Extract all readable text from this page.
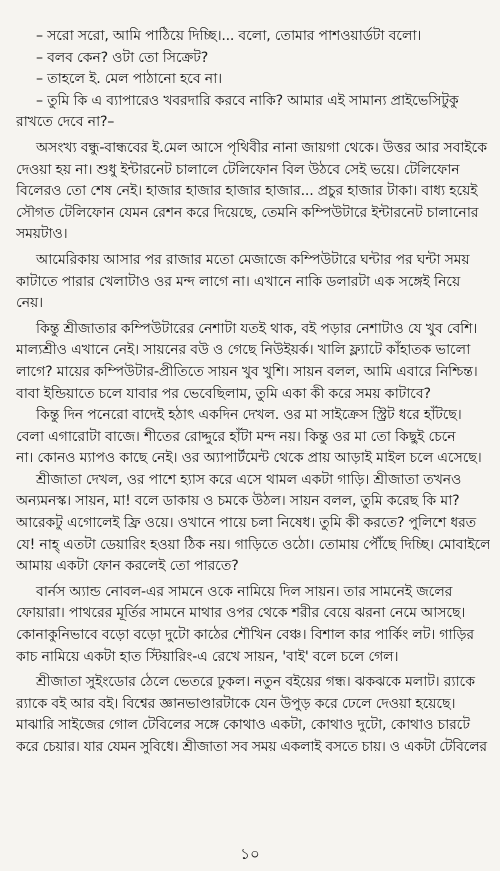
– সরো সরো, আমি পাঠিয়ে দিচ্ছি।... বলো, তোমার পাশওয়ার্ডটা বলো।
– বলব কেন? ওটা তো সিক্রেট?
– তাহলে ই. মেল পাঠানো হবে না।
– তুমি কি এ ব্যাপারেও খবরদারি করবে নাকি? আমার এই সামান্য প্রাইভেসিটুকু
রাখতে দেবে না?–
অসংখ্য বন্ধু-বান্ধবের ই.মেল আসে পৃথিবীর নানা জায়গা থেকে। উত্তর আর সবাইকে
দেওয়া হয় না। শুধু ইন্টারনেট চালালে টেলিফোন বিল উঠবে সেই ভয়ে। টেলিফোন
বিলেরও তো শেষ নেই। হাজার হাজার হাজার হাজার... প্রচুর হাজার টাকা। বাধ্য হয়েই
সৌগত টেলিফোন যেমন রেশন করে দিয়েছে, তেমনি কম্পিউটারে ইন্টারনেট চালানোর
সময়টাও।
আমেরিকায় আসার পর রাজার মতো মেজাজে কম্পিউটারে ঘন্টার পর ঘন্টা সময়
কাটাতে পারার খেলাটাও ওর মন্দ লাগে না। এখানে নাকি ডলারটা এক সঙ্গেই নিয়ে
নেয়।
কিন্তু শ্রীজাতার কম্পিউটারের নেশাটা যতই থাক, বই পড়ার নেশাটাও যে খুব বেশি।
মাল্যশ্রীও এখানে নেই। সায়নের বউ ও গেছে নিউইয়র্ক। খালি ফ্ল্যাটে কাঁহাতক ভালো
লাগে? মায়ের কম্পিউটার-প্রীতিতে সায়ন খুব খুশি। সায়ন বলল, আমি এবারে নিশ্চিন্ত।
বাবা ইন্ডিয়াতে চলে যাবার পর ভেবেছিলাম, তুমি একা কী করে সময় কাটাবে?
কিন্তু দিন পনেরো বাদেই হঠাৎ একদিন দেখল. ওর মা সাইক্রেস স্ট্রিট ধরে হাঁটছে।
বেলা এগারোটা বাজে। শীতের রোদ্দুরে হাঁটা মন্দ নয়। কিন্তু ওর মা তো কিছুই চেনে
না। কোনও ম্যাপও কাছে নেই। ওর অ্যাপার্টমেন্ট থেকে প্রায় আড়াই মাইল চলে এসেছে।
শ্রীজাতা দেখল, ওর পাশে হ্যাস করে এসে থামল একটা গাড়ি। শ্রীজাতা তখনও
অন্যমনস্ক। সায়ন, মা! বলে ডাকায় ও চমকে উঠল। সায়ন বলল, তুমি করেছ কি মা?
আরেকটু এগোলেই ফ্রি ওয়ে। ওখানে পায়ে চলা নিষেধ। তুমি কী করতে? পুলিশে ধরত
যে! নাহ্ এতটা ডেয়ারিং হওয়া ঠিক নয়। গাড়িতে ওঠো। তোমায় পৌঁছে দিচ্ছি। মোবাইলে
আমায় একটা ফোন করলেই তো পারতে?
বার্নস অ্যান্ড নোবল-এর সামনে ওকে নামিয়ে দিল সায়ন। তার সামনেই জলের
ফোয়ারা। পাথরের মূর্তির সামনে মাথার ওপর থেকে শরীর বেয়ে ঝরনা নেমে আসছে।
কোনাকুনিভাবে বড়ো বড়ো দুটো কাঠের শৌখিন বেঞ্চ। বিশাল কার পার্কিং লট। গাড়ির
কাচ নামিয়ে একটা হাত স্টিয়ারিং-এ রেখে সায়ন, 'বাই' বলে চলে গেল।
শ্রীজাতা সুইংডোর ঠেলে ভেতরে ঢুকল। নতুন বইয়ের গন্ধ। ঝকঝকে মলাট। র‍্যাকে
র‍্যাকে বই আর বই। বিশ্বের জ্ঞানভাণ্ডারটাকে যেন উপুড় করে ঢেলে দেওয়া হয়েছে।
মাঝারি সাইজের গোল টেবিলের সঙ্গে কোথাও একটা, কোথাও দুটো, কোথাও চারটে
করে চেয়ার। যার যেমন সুবিধে। শ্রীজাতা সব সময় একলাই বসতে চায়। ও একটা টেবিলের
১০
